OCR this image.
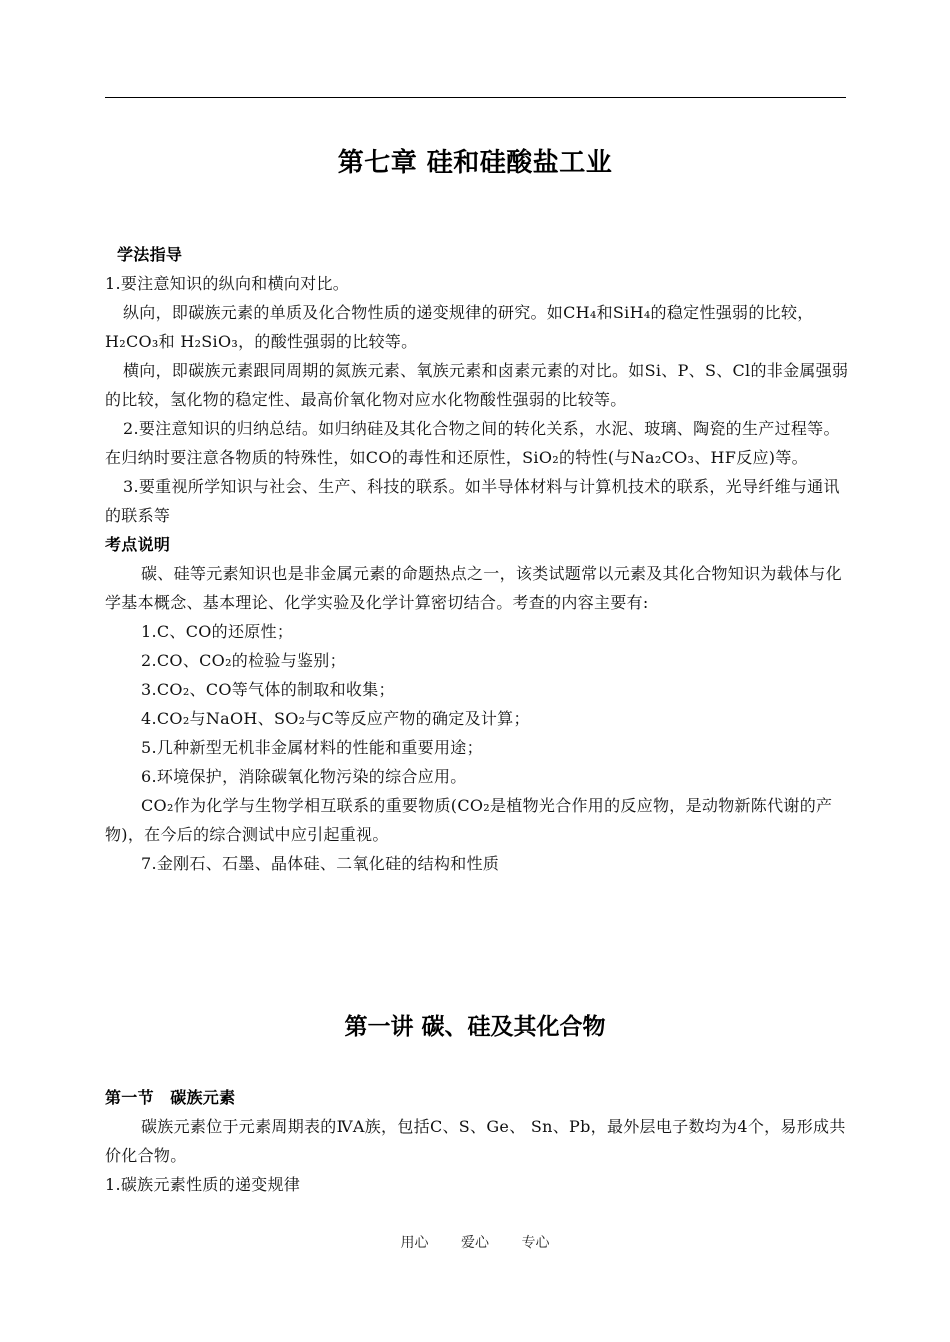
第七章 硅和硅酸盐工业

学法指导

1.要注意知识的纵向和横向对比。

纵向，即碳族元素的单质及化合物性质的递变规律的研究。如CH₄和SiH₄的稳定性强弱的比较，H₂CO₃和 H₂SiO₃，的酸性强弱的比较等。

横向，即碳族元素跟同周期的氮族元素、氧族元素和卤素元素的对比。如Si、P、S、Cl的非金属强弱的比较，氢化物的稳定性、最高价氧化物对应水化物酸性强弱的比较等。

2.要注意知识的归纳总结。如归纳硅及其化合物之间的转化关系，水泥、玻璃、陶瓷的生产过程等。在归纳时要注意各物质的特殊性，如CO的毒性和还原性，SiO₂的特性(与Na₂CO₃、HF反应)等。

3.要重视所学知识与社会、生产、科技的联系。如半导体材料与计算机技术的联系，光导纤维与通讯的联系等

考点说明

碳、硅等元素知识也是非金属元素的命题热点之一，该类试题常以元素及其化合物知识为载体与化学基本概念、基本理论、化学实验及化学计算密切结合。考查的内容主要有:

1.C、CO的还原性；

2.CO、CO₂的检验与鉴别；

3.CO₂、CO等气体的制取和收集；

4.CO₂与NaOH、SO₂与C等反应产物的确定及计算；

5.几种新型无机非金属材料的性能和重要用途；

6.环境保护，消除碳氧化物污染的综合应用。

CO₂作为化学与生物学相互联系的重要物质(CO₂是植物光合作用的反应物，是动物新陈代谢的产物)，在今后的综合测试中应引起重视。

7.金刚石、石墨、晶体硅、二氧化硅的结构和性质

第一讲 碳、硅及其化合物

第一节　碳族元素

碳族元素位于元素周期表的ⅣA族，包括C、S、Ge、 Sn、Pb，最外层电子数均为4个，易形成共价化合物。

1.碳族元素性质的递变规律

用心 爱心 专心
